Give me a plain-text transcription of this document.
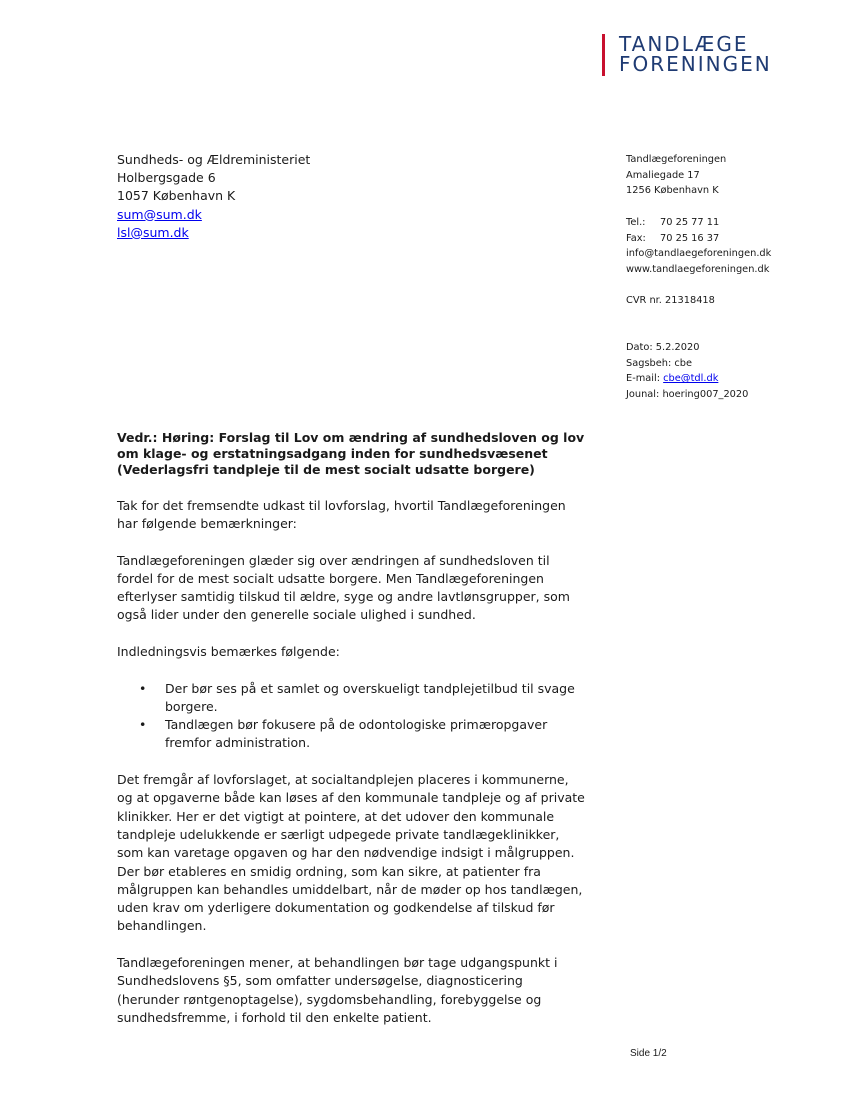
TANDLÆGE
FORENINGEN
Sundheds- og Ældreministeriet
Holbergsgade 6
1057 København K
sum@sum.dk
lsl@sum.dk
Tandlægeforeningen
Amaliegade 17
1256 København K
Tel.: 70 25 77 11
Fax: 70 25 16 37
info@tandlaegeforeningen.dk
www.tandlaegeforeningen.dk
CVR nr. 21318418
Dato: 5.2.2020
Sagsbeh: cbe
E-mail: cbe@tdl.dk
Jounal: hoering007_2020
Vedr.: Høring: Forslag til Lov om ændring af sundhedsloven og lov om klage- og erstatningsadgang inden for sundhedsvæsenet (Vederlagsfri tandpleje til de mest socialt udsatte borgere)

Tak for det fremsendte udkast til lovforslag, hvortil Tandlægeforeningen har følgende bemærkninger:

Tandlægeforeningen glæder sig over ændringen af sundhedsloven til fordel for de mest socialt udsatte borgere. Men Tandlægeforeningen efterlyser samtidig tilskud til ældre, syge og andre lavtlønsgrupper, som også lider under den generelle sociale ulighed i sundhed.

Indledningsvis bemærkes følgende:

• Der bør ses på et samlet og overskueligt tandplejetilbud til svage borgere.
• Tandlægen bør fokusere på de odontologiske primæropgaver fremfor administration.

Det fremgår af lovforslaget, at socialtandplejen placeres i kommunerne, og at opgaverne både kan løses af den kommunale tandpleje og af private klinikker. Her er det vigtigt at pointere, at det udover den kommunale tandpleje udelukkende er særligt udpegede private tandlægeklinikker, som kan varetage opgaven og har den nødvendige indsigt i målgruppen. Der bør etableres en smidig ordning, som kan sikre, at patienter fra målgruppen kan behandles umiddelbart, når de møder op hos tandlægen, uden krav om yderligere dokumentation og godkendelse af tilskud før behandlingen.

Tandlægeforeningen mener, at behandlingen bør tage udgangspunkt i Sundhedslovens §5, som omfatter undersøgelse, diagnosticering (herunder røntgenoptagelse), sygdomsbehandling, forebyggelse og sundhedsfremme, i forhold til den enkelte patient.

Side 1/2
